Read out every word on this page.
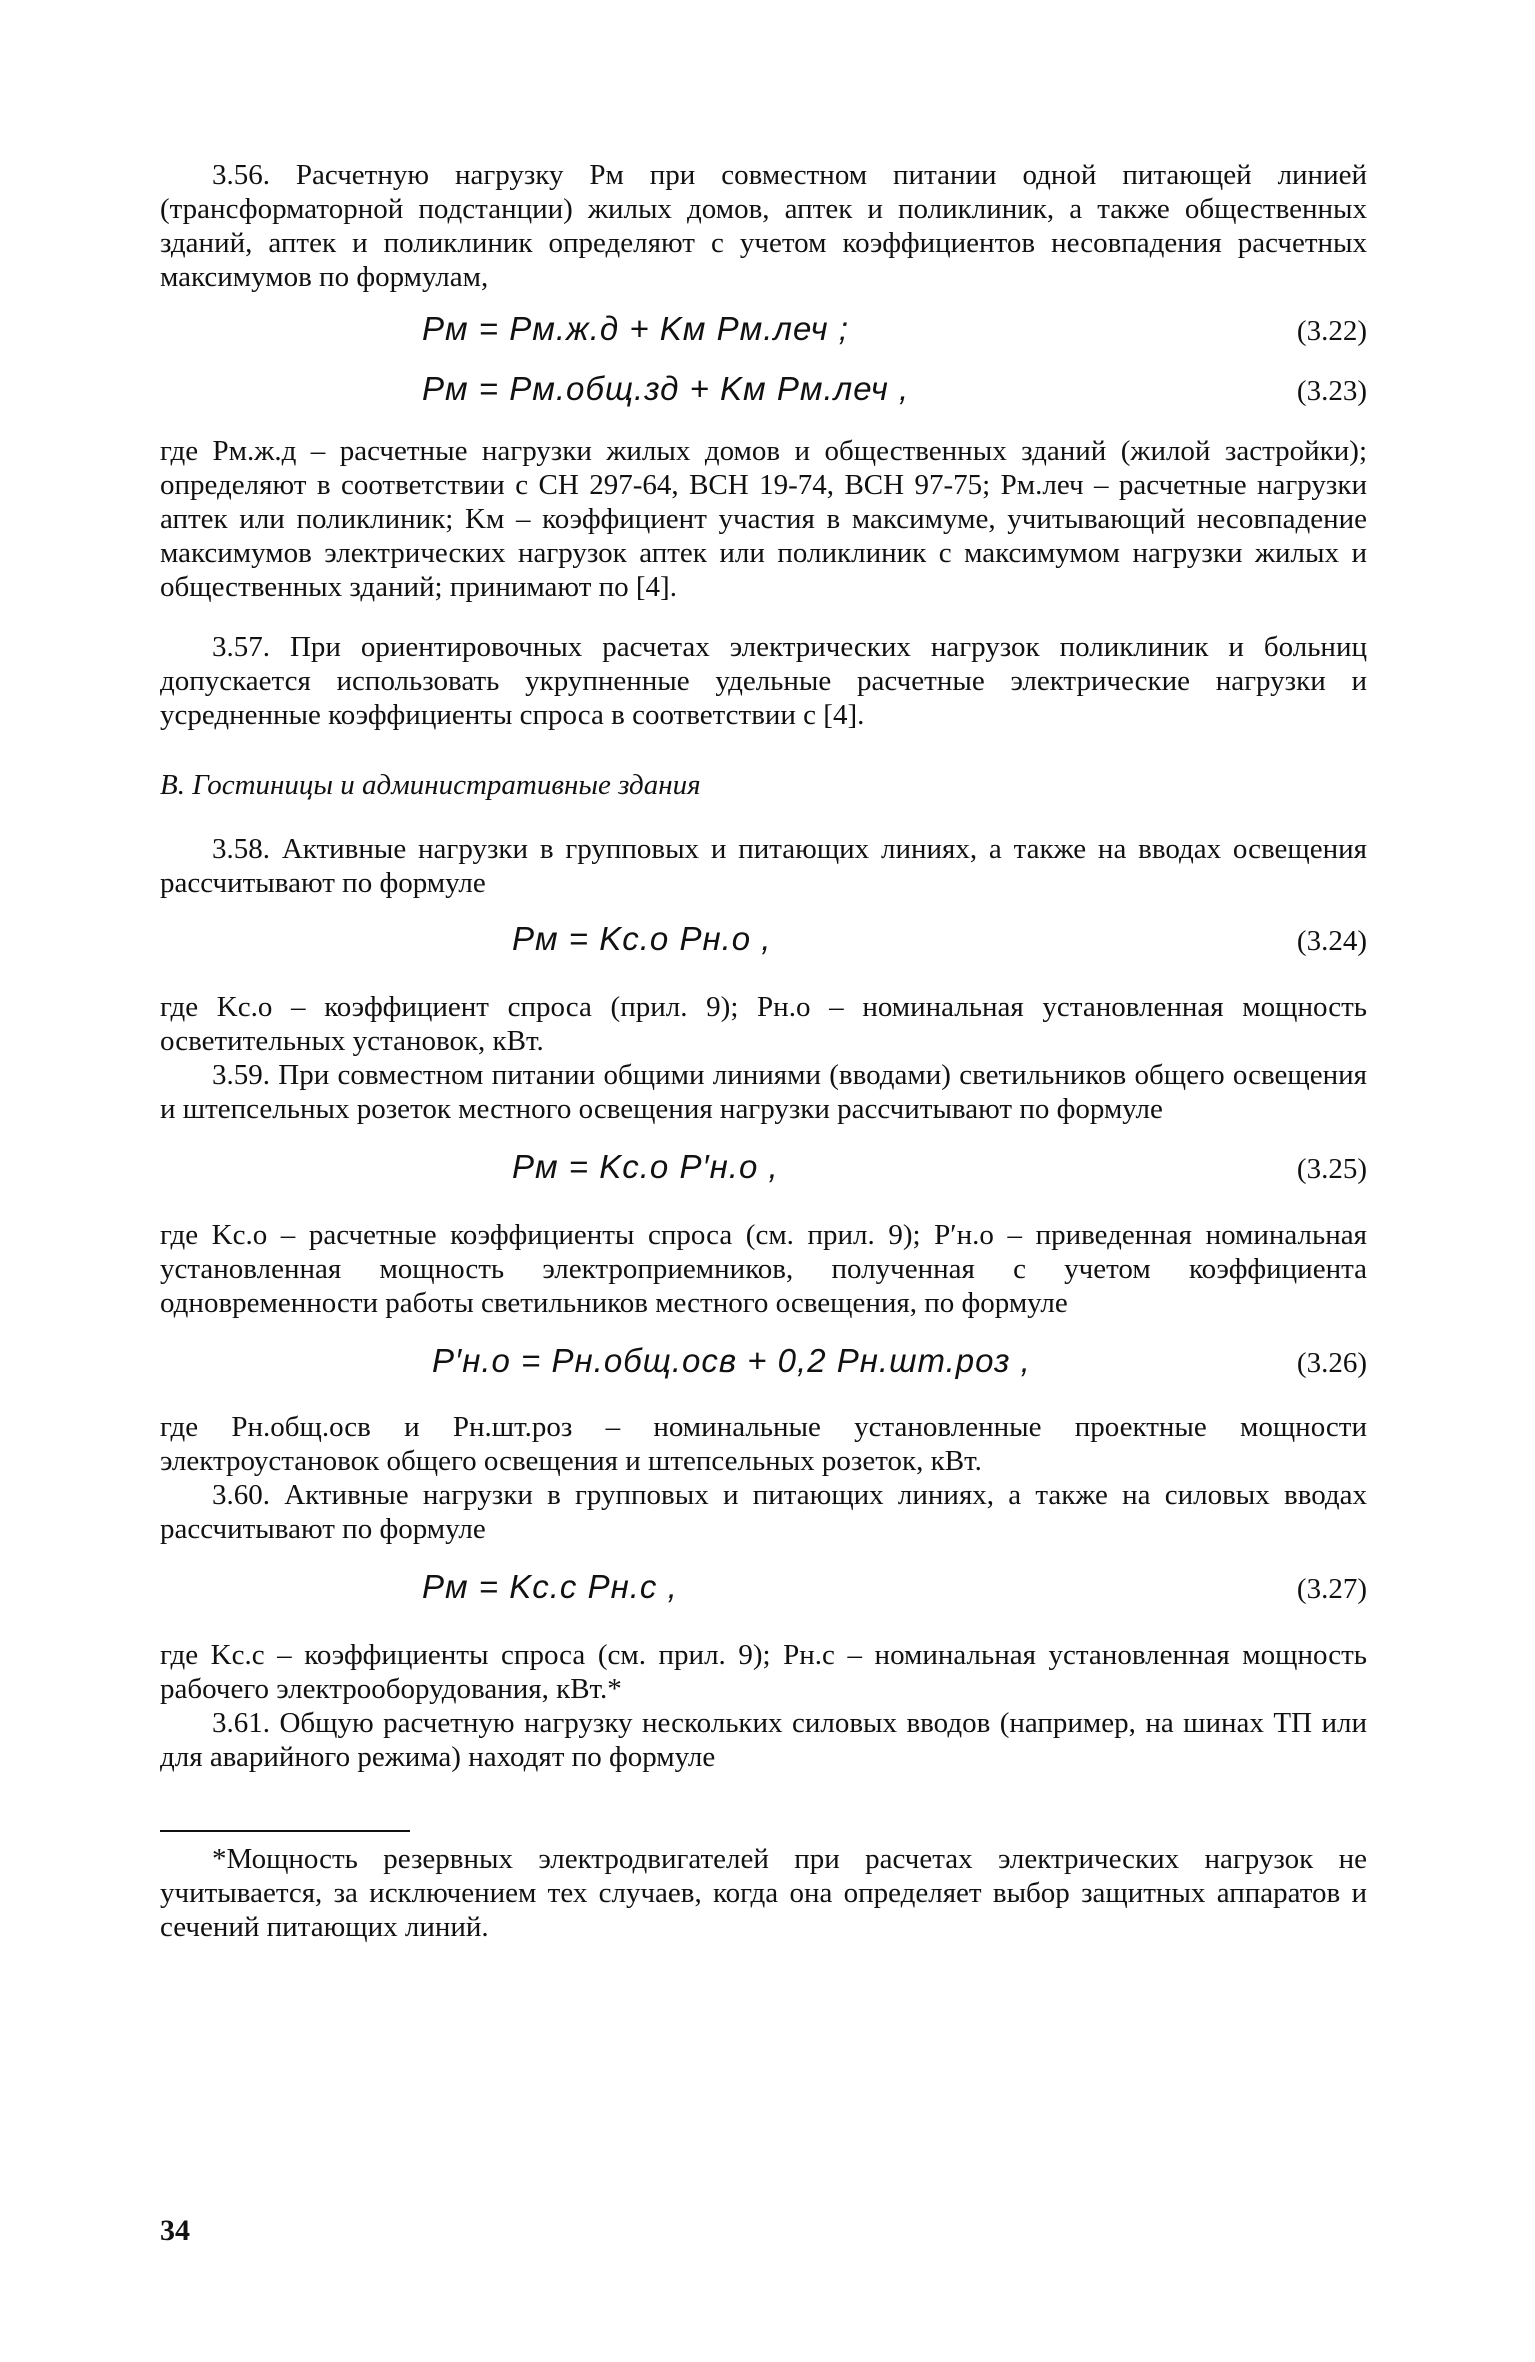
3.56. Расчетную нагрузку Pм при совместном питании одной питающей линией (трансформаторной подстанции) жилых домов, аптек и поликлиник, а также общественных зданий, аптек и поликлиник определяют с учетом коэффициентов несовпадения расчетных максимумов по формулам,

Pм = Pм.ж.д + Kм Pм.леч ;	(3.22)
Pм = Pм.общ.зд + Kм Pм.леч ,	(3.23)

где Pм.ж.д – расчетные нагрузки жилых домов и общественных зданий (жилой застройки); определяют в соответствии с СН 297-64, ВСН 19-74, ВСН 97-75; Pм.леч – расчетные нагрузки аптек или поликлиник; Kм – коэффициент участия в максимуме, учитывающий несовпадение максимумов электрических нагрузок аптек или поликлиник с максимумом нагрузки жилых и общественных зданий; принимают по [4].

3.57. При ориентировочных расчетах электрических нагрузок поликлиник и больниц допускается использовать укрупненные удельные расчетные электрические нагрузки и усредненные коэффициенты спроса в соответствии с [4].

В. Гостиницы и административные здания

3.58. Активные нагрузки в групповых и питающих линиях, а также на вводах освещения рассчитывают по формуле

Pм = Kс.о Pн.о ,	(3.24)

где Kс.о – коэффициент спроса (прил. 9); Pн.о – номинальная установленная мощность осветительных установок, кВт.

3.59. При совместном питании общими линиями (вводами) светильников общего освещения и штепсельных розеток местного освещения нагрузки рассчитывают по формуле

Pм = Kс.о P′н.о ,	(3.25)

где Kс.о – расчетные коэффициенты спроса (см. прил. 9); P′н.о – приведенная номинальная установленная мощность электроприемников, полученная с учетом коэффициента одновременности работы светильников местного освещения, по формуле

P′н.о = Pн.общ.осв + 0,2 Pн.шт.роз ,	(3.26)

где Pн.общ.осв и Pн.шт.роз – номинальные установленные проектные мощности электроустановок общего освещения и штепсельных розеток, кВт.

3.60. Активные нагрузки в групповых и питающих линиях, а также на силовых вводах рассчитывают по формуле

Pм = Kс.с Pн.с ,	(3.27)

где Kс.с – коэффициенты спроса (см. прил. 9); Pн.с – номинальная установленная мощность рабочего электрооборудования, кВт.*

3.61. Общую расчетную нагрузку нескольких силовых вводов (например, на шинах ТП или для аварийного режима) находят по формуле

*Мощность резервных электродвигателей при расчетах электрических нагрузок не учитывается, за исключением тех случаев, когда она определяет выбор защитных аппаратов и сечений питающих линий.

34
